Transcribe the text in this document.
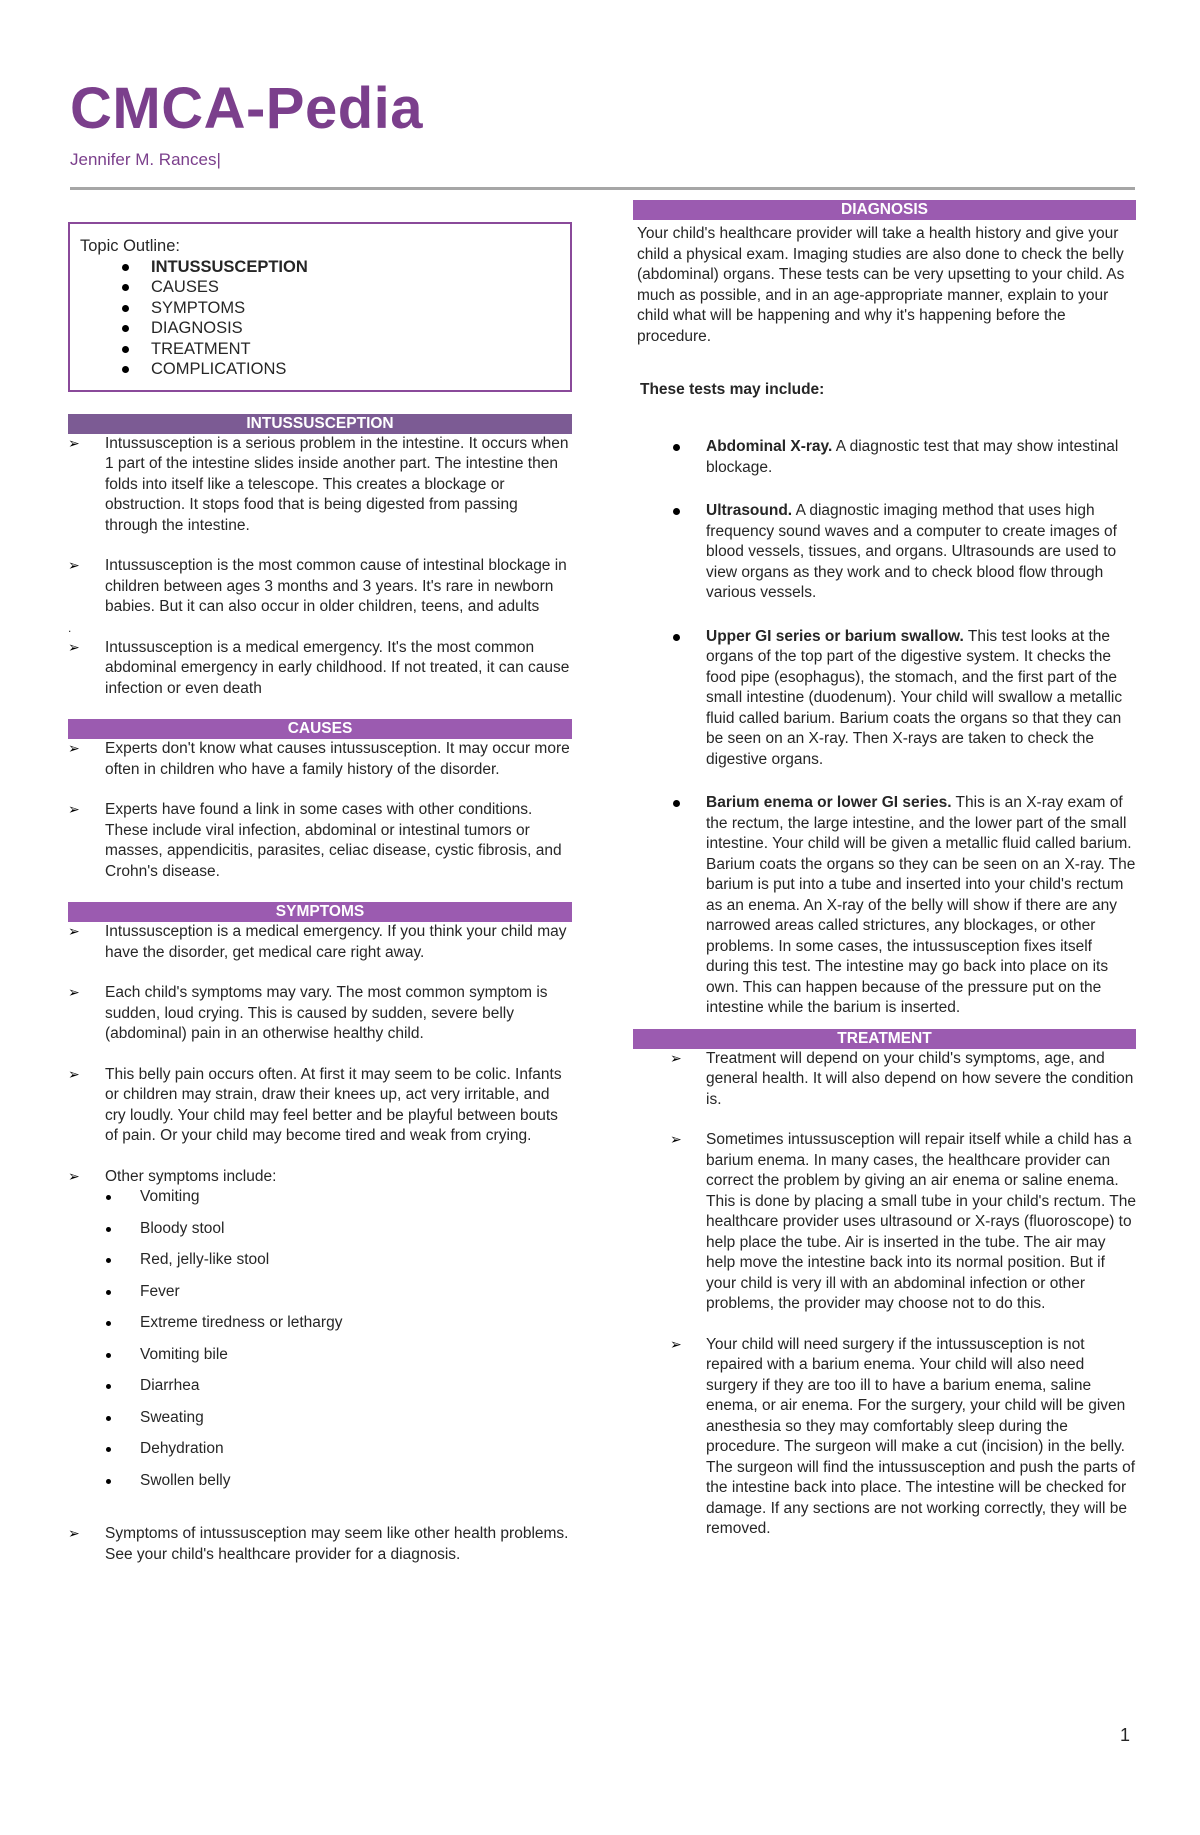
CMCA-Pedia
Jennifer M. Rances|
Topic Outline:
INTUSSUSCEPTION
CAUSES
SYMPTOMS
DIAGNOSIS
TREATMENT
COMPLICATIONS
INTUSSUSCEPTION
➢ Intussusception is a serious problem in the intestine. It occurs when 1 part of the intestine slides inside another part. The intestine then folds into itself like a telescope. This creates a blockage or obstruction. It stops food that is being digested from passing through the intestine.
➢ Intussusception is the most common cause of intestinal blockage in children between ages 3 months and 3 years. It's rare in newborn babies. But it can also occur in older children, teens, and adults
.
➢ Intussusception is a medical emergency. It's the most common abdominal emergency in early childhood. If not treated, it can cause infection or even death
CAUSES
➢ Experts don't know what causes intussusception. It may occur more often in children who have a family history of the disorder.
➢ Experts have found a link in some cases with other conditions. These include viral infection, abdominal or intestinal tumors or masses, appendicitis, parasites, celiac disease, cystic fibrosis, and Crohn's disease.
SYMPTOMS
➢ Intussusception is a medical emergency. If you think your child may have the disorder, get medical care right away.
➢ Each child's symptoms may vary. The most common symptom is sudden, loud crying. This is caused by sudden, severe belly (abdominal) pain in an otherwise healthy child.
➢ This belly pain occurs often. At first it may seem to be colic. Infants or children may strain, draw their knees up, act very irritable, and cry loudly. Your child may feel better and be playful between bouts of pain. Or your child may become tired and weak from crying.
➢ Other symptoms include:
Vomiting
Bloody stool
Red, jelly-like stool
Fever
Extreme tiredness or lethargy
Vomiting bile
Diarrhea
Sweating
Dehydration
Swollen belly
➢ Symptoms of intussusception may seem like other health problems. See your child's healthcare provider for a diagnosis.
DIAGNOSIS

Your child's healthcare provider will take a health history and give your child a physical exam. Imaging studies are also done to check the belly (abdominal) organs. These tests can be very upsetting to your child. As much as possible, and in an age-appropriate manner, explain to your child what will be happening and why it's happening before the procedure.

These tests may include:

Abdominal X-ray. A diagnostic test that may show intestinal blockage.
Ultrasound. A diagnostic imaging method that uses high frequency sound waves and a computer to create images of blood vessels, tissues, and organs. Ultrasounds are used to view organs as they work and to check blood flow through various vessels.
Upper GI series or barium swallow. This test looks at the organs of the top part of the digestive system. It checks the food pipe (esophagus), the stomach, and the first part of the small intestine (duodenum). Your child will swallow a metallic fluid called barium. Barium coats the organs so that they can be seen on an X-ray. Then X-rays are taken to check the digestive organs.
Barium enema or lower GI series. This is an X-ray exam of the rectum, the large intestine, and the lower part of the small intestine. Your child will be given a metallic fluid called barium. Barium coats the organs so they can be seen on an X-ray. The barium is put into a tube and inserted into your child's rectum as an enema. An X-ray of the belly will show if there are any narrowed areas called strictures, any blockages, or other problems. In some cases, the intussusception fixes itself during this test. The intestine may go back into place on its own. This can happen because of the pressure put on the intestine while the barium is inserted.
TREATMENT
➢ Treatment will depend on your child's symptoms, age, and general health. It will also depend on how severe the condition is.
➢ Sometimes intussusception will repair itself while a child has a barium enema. In many cases, the healthcare provider can correct the problem by giving an air enema or saline enema. This is done by placing a small tube in your child's rectum. The healthcare provider uses ultrasound or X-rays (fluoroscope) to help place the tube. Air is inserted in the tube. The air may help move the intestine back into its normal position. But if your child is very ill with an abdominal infection or other problems, the provider may choose not to do this.
➢ Your child will need surgery if the intussusception is not repaired with a barium enema. Your child will also need surgery if they are too ill to have a barium enema, saline enema, or air enema. For the surgery, your child will be given anesthesia so they may comfortably sleep during the procedure. The surgeon will make a cut (incision) in the belly. The surgeon will find the intussusception and push the parts of the intestine back into place. The intestine will be checked for damage. If any sections are not working correctly, they will be removed.
1
